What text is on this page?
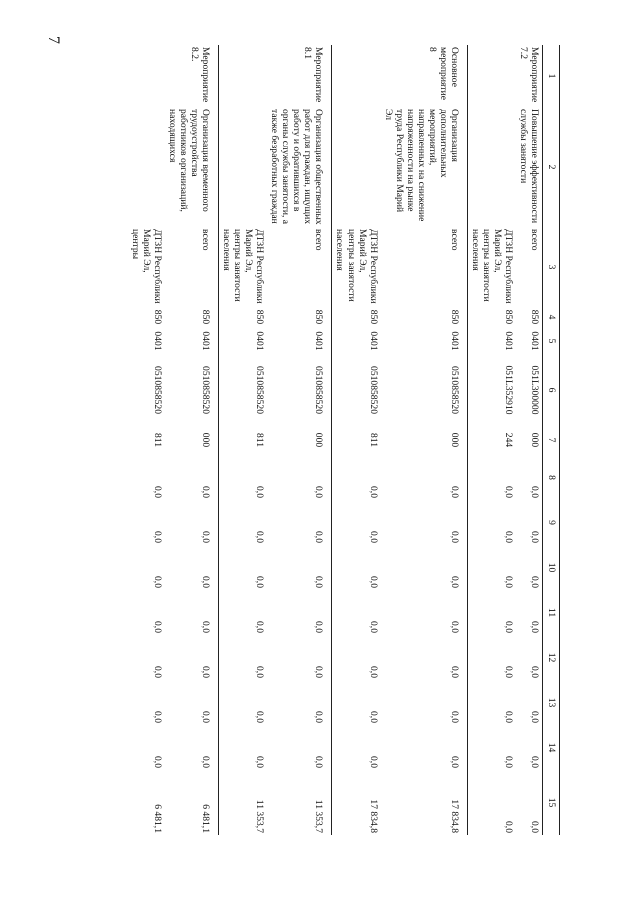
7
1	2	3	4	5	6	7	8	9	10	11	12	13	14	15
Мероприятие 7.2	Повышение эффективности службы занятости	всего	850	0401	051L300000	000	0,0	0,0	0,0	0,0	0,0	0,0	0,0	0,0
		ДТЗН Республики Марий Эл, центры занятости населения	850	0401	051L352910	244	0,0	0,0	0,0	0,0	0,0	0,0	0,0	0,0
Основное мероприятие 8	Организация дополнительных мероприятий, направленных на снижение напряженности на рынке труда Республики Марий Эл	всего	850	0401	0510858520	000	0,0	0,0	0,0	0,0	0,0	0,0	0,0	17 834,8
		ДТЗН Республики Марий Эл, центры занятости населения	850	0401	0510858520	811	0,0	0,0	0,0	0,0	0,0	0,0	0,0	17 834,8
Мероприятие 8.1	Организация общественных работ для граждан, ищущих работу и обратившихся в органы службы занятости, а также безработных граждан	всего	850	0401	0510858520	000	0,0	0,0	0,0	0,0	0,0	0,0	0,0	11 353,7
		ДТЗН Республики Марий Эл, центры занятости населения	850	0401	0510858520	811	0,0	0,0	0,0	0,0	0,0	0,0	0,0	11 353,7
Мероприятие 8.2.	Организация временного трудоустройства работников организаций, находящихся	всего	850	0401	0510858520	000	0,0	0,0	0,0	0,0	0,0	0,0	0,0	6 481,1
		ДТЗН Республики Марий Эл, центры	850	0401	0510858520	811	0,0	0,0	0,0	0,0	0,0	0,0	0,0	6 481,1
